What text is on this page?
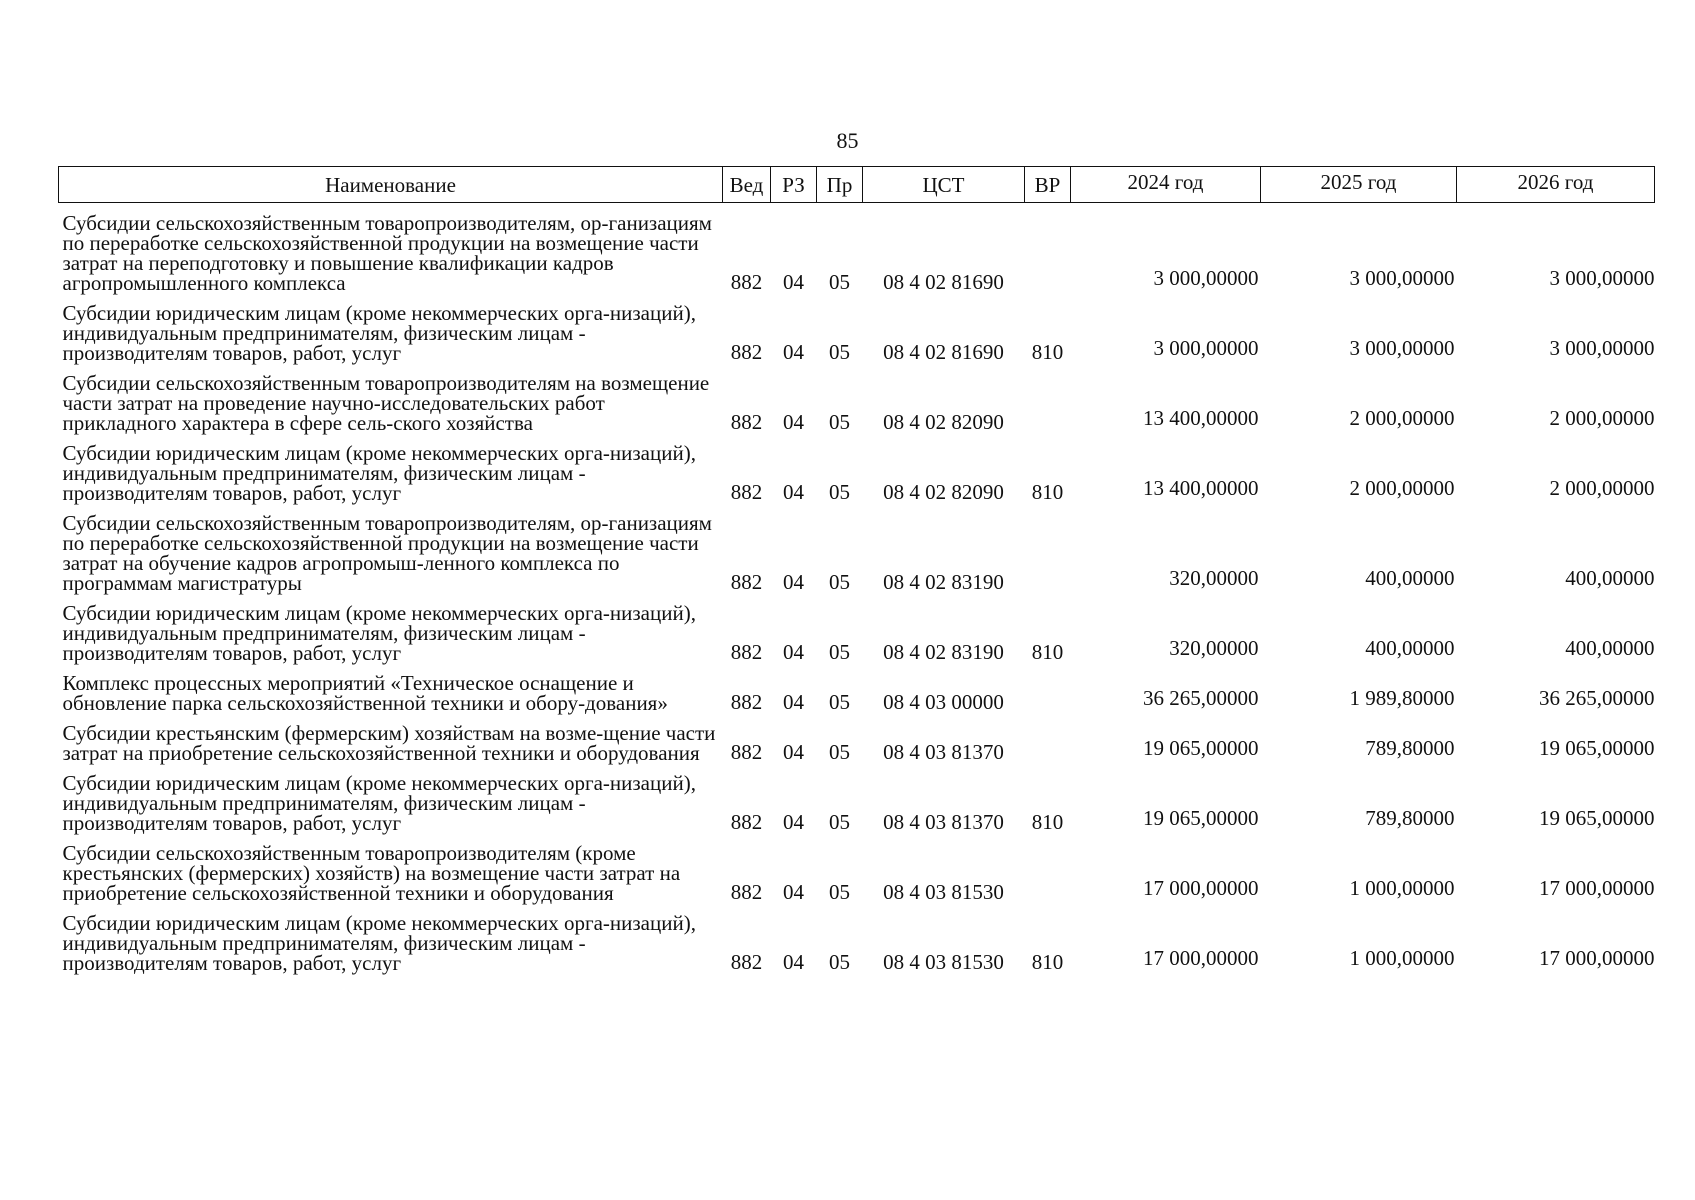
85
Наименование	Вед	РЗ	Пр	ЦСТ	ВР	2024 год	2025 год	2026 год
Субсидии сельскохозяйственным товаропроизводителям, ор-ганизациям по переработке сельскохозяйственной продукции на возмещение части затрат на переподготовку и повышение квалификации кадров агропромышленного комплекса	882	04	05	08 4 02 81690		3 000,00000	3 000,00000	3 000,00000
Субсидии юридическим лицам (кроме некоммерческих орга-низаций), индивидуальным предпринимателям, физическим лицам - производителям товаров, работ, услуг	882	04	05	08 4 02 81690	810	3 000,00000	3 000,00000	3 000,00000
Субсидии сельскохозяйственным товаропроизводителям на возмещение части затрат на проведение научно-исследовательских работ прикладного характера в сфере сель-ского хозяйства	882	04	05	08 4 02 82090		13 400,00000	2 000,00000	2 000,00000
Субсидии юридическим лицам (кроме некоммерческих орга-низаций), индивидуальным предпринимателям, физическим лицам - производителям товаров, работ, услуг	882	04	05	08 4 02 82090	810	13 400,00000	2 000,00000	2 000,00000
Субсидии сельскохозяйственным товаропроизводителям, ор-ганизациям по переработке сельскохозяйственной продукции на возмещение части затрат на обучение кадров агропромыш-ленного комплекса по программам магистратуры	882	04	05	08 4 02 83190		320,00000	400,00000	400,00000
Субсидии юридическим лицам (кроме некоммерческих орга-низаций), индивидуальным предпринимателям, физическим лицам - производителям товаров, работ, услуг	882	04	05	08 4 02 83190	810	320,00000	400,00000	400,00000
Комплекс процессных мероприятий «Техническое оснащение и обновление парка сельскохозяйственной техники и обору-дования»	882	04	05	08 4 03 00000		36 265,00000	1 989,80000	36 265,00000
Субсидии крестьянским (фермерским) хозяйствам на возме-щение части затрат на приобретение сельскохозяйственной техники и оборудования	882	04	05	08 4 03 81370		19 065,00000	789,80000	19 065,00000
Субсидии юридическим лицам (кроме некоммерческих орга-низаций), индивидуальным предпринимателям, физическим лицам - производителям товаров, работ, услуг	882	04	05	08 4 03 81370	810	19 065,00000	789,80000	19 065,00000
Субсидии сельскохозяйственным товаропроизводителям (кроме крестьянских (фермерских) хозяйств) на возмещение части затрат на приобретение сельскохозяйственной техники и оборудования	882	04	05	08 4 03 81530		17 000,00000	1 000,00000	17 000,00000
Субсидии юридическим лицам (кроме некоммерческих орга-низаций), индивидуальным предпринимателям, физическим лицам - производителям товаров, работ, услуг	882	04	05	08 4 03 81530	810	17 000,00000	1 000,00000	17 000,00000
